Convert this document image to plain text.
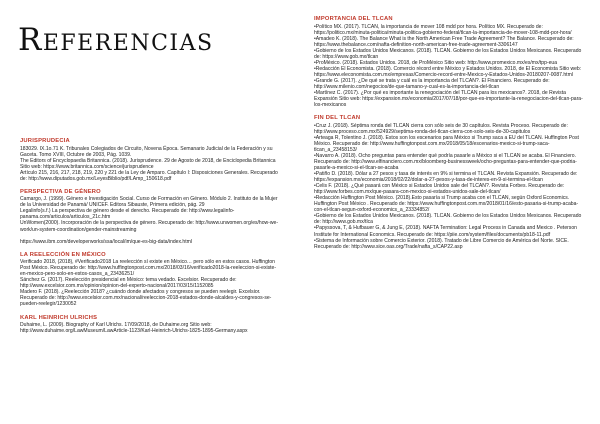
Referencias
JURISPRUDECIA

183029. IX.1o.71 K. Tribunales Colegiados de Circuito, Novena Época. Semanario Judicial de la Federación y su Gaceta. Tomo XVIII, Octubre de 2003, Pág. 1039.
The Editors of Encyclopaedia Britannica. (2018). Jurisprudence. 29 de Agosto de 2018, de Enciclopedia Britannica Sitio web: https://www.britannica.com/science/jurisprudence
Artículo 215, 216, 217, 218, 219, 220 y 221 de la Ley de Amparo. Capítulo I: Disposiciones Generales. Recuperado de: http://www.diputados.gob.mx/LeyesBiblio/pdf/LAmp_150618.pdf

PERSPECTIVA DE GÉNERO

Camargo, J. (1999). Género e Investigación Social. Curso de Formación en Género. Módulo 2. Instituto de la Mujer de la Universidad de Panamá/ UNICEF. Editora Sibauste, Primera edición, pág. 29
Legalinfo(s.f.) La perspectiva de género desde el derecho. Recuperado de: http://www.legalinfo-panama.com/articulos/articulos_21c.htm
UnWomen(2000). Incorporación de la perspectiva de género. Recuperado de: http://www.unwomen.org/es/how-we-work/un-system-coordination/gender-mainstreaming

https://www.ibm.com/developerworks/ssa/local/im/que-es-big-data/index.html

LA REELECCIÓN EN MÉXICO

Verificado 2018, (2018), #Verificado2018 La reelección sí existe en México… pero sólo en estos casos. Huffington Post México. Recuperado de: http://www.huffingtonpost.com.mx/2018/03/16/verificado2018-la-reeleccion-si-existe-en-mexico-pero-solo-en-estos-casos_a_23436251/
Sánchez G. (2017). Reelección presidencial en México: tema vedado. Excelsior. Recuperado de: http://www.excelsior.com.mx/opinion/opinion-del-experto-nacional/2017/03/15/1152085
Madero F. (2018). ¿Reelección 2018? ¿cuándo donde afectados y congresos se pueden reelegir. Excelsior. Recuperado de: http://www.excelsior.com.mx/nacional/reeleccion-2018-estados-donde-alcaldes-y-congresos-se-pueden-reelegir/1230052

KARL HEINRICH ULRICHS

Duhaime, L. (2009). Biography of Karl Ulrichs. 17/09/2018, de Duhaime.org Sitio web: http://www.duhaime.org/LawMuseum/LawArticle-1123/Karl-Heinrich-Ulrichs-1825-1895-Germany.aspx

IMPORTANCIA DEL TLCAN

•Político MX. (2017). TLCAN, la importancia de mover 108 mdd por hora. Político MX. Recuperado de: https://politico.mx/minuta-politica/minuta-politica-gobierno-federal/tlcan-la-importancia-de-mover-108-mdd-por-hora/
•Amadeo K. (2018). The Balance What is the North American Free Trade Agreement? The Balance. Recuperado de: https://www.thebalance.com/nafta-definition-north-american-free-trade-agreement-3306147
•Gobierno de los Estados Unidos Mexicanos. (2018). TLCAN. Gobierno de los Estados Unidos Mexicanos. Recuperado de: https://www.gob.mx/tlcan
•ProMéxico. (2018). Estados Unidos. 2018, de ProMéxico Sitio web: http://www.promexico.mx/es/mx/tpp-eua
•Redacción El Economista. (2018). Comercio récord entre México y Estados Unidos. 2018, de El Economista Sitio web: https://www.eleconomista.com.mx/empresas/Comercio-record-entre-Mexico-y-Estados-Unidos-20180207-0087.html
•Grande G. (2017). ¿De qué se trata y cuál es la importancia del TLCAN?. El Financiero. Recuperado de: http://www.milenio.com/negocios/de-que-tamano-y-cual-es-la-importancia-del-tlcan
•Martínez C. (2017). ¿Por qué es importante la renegociación del TLCAN para los mexicanos?. 2018, de Revista Expansión Sitio web: https://expansion.mx/economia/2017/07/18/por-que-es-importante-la-renegociacion-del-tlcan-para-los-mexicanos

FIN DEL TLCAN

•Cruz J. (2018). Séptima ronda del TLCAN cierra con sólo seis de 30 capítulos. Revista Proceso. Recuperado de: http://www.proceso.com.mx/524929/septima-ronda-del-tlcan-cierra-con-solo-seis-de-30-capitulos
•Arteaga R, Tolentino J. (2018). Estos son los escenarios para México si Trump saca a EU del TLCAN. Huffington Post México. Recuperado de: http://www.huffingtonpost.com.mx/2018/05/18/escenarios-mexico-si-trump-saca-tlcan_a_23458153/
•Navarro A. (2018). Ocho preguntas para entender qué podría pasarle a México si el TLCAN se acaba. El Financiero. Recuperado de: http://www.elfinanciero.com.mx/bloomberg-businessweek/ocho-preguntas-para-entender-que-podria-pasarle-a-mexico-si-el-tlcan-se-acaba
•Patiño D. (2018). Dólar a 27 pesos y tasa de interés en 9% si termina el TLCAN. Revista Expansión. Recuperado de: https://expansion.mx/economia/2018/02/22/dolar-a-27-pesos-y-tasa-de-interes-en-9-si-termina-el-tlcan
•Celis F. (2018). ¿Qué pasará con México si Estados Unidos sale del TLCAN?. Revista Forbes. Recuperado de: http://www.forbes.com.mx/que-pasara-con-mexico-si-estados-unidos-sale-del-tlcan/
•Redacción Huffington Post México. (2018).Esto pasaría si Trump acaba con el TLCAN, según Oxford Economics. Huffington Post México . Recuperado de: https://www.huffingtonpost.com.mx/2018/01/16/esto-pasaria-si-trump-acaba-con-el-tlcan-segun-oxford-economics_a_23334852/
•Gobierno de los Estados Unidos Mexicanos. (2018). TLCAN. Gobierno de los Estados Unidos Mexicanos. Recuperado de: http://www.gob.mx/tlca
•Papyssova, T, & Hufbauer G, & Jung E, (2018). NAFTA Termination: Legal Process in Canada and Mexico . Peterson Institute for International Economics. Recuperado de: https://piie.com/system/files/documents/pb18-11.pdf
•Sistema de Información sobre Comercio Exterior. (2018). Tratado de Libre Comercio de América del Norte. SICE. Recuperado de: http://www.sice.oas.org/Trade/nafta_s/CAP22.asp
